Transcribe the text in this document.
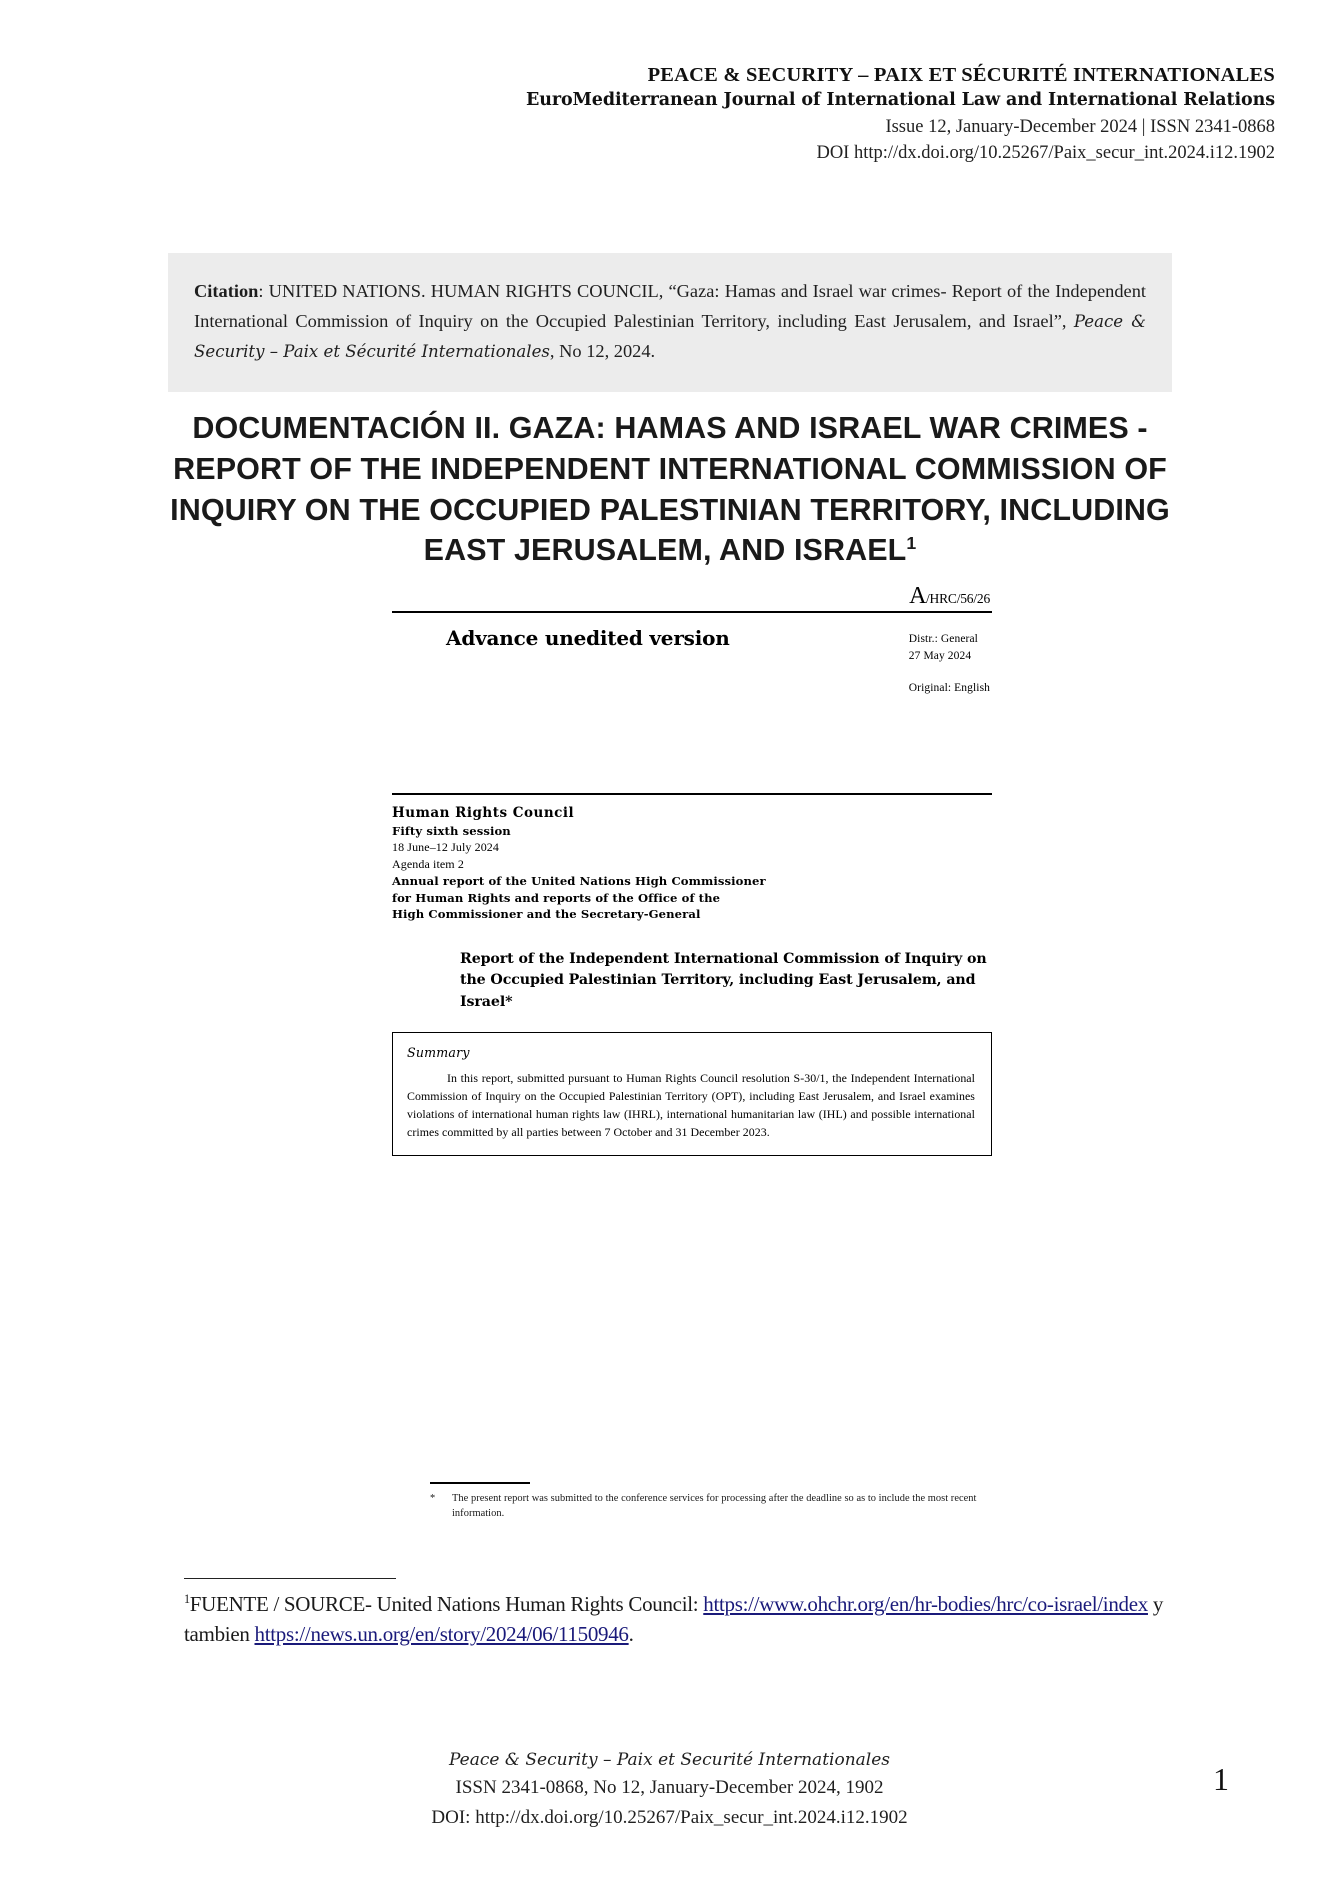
PEACE & SECURITY – PAIX ET SÉCURITÉ INTERNATIONALES
EuroMediterranean Journal of International Law and International Relations
Issue 12, January-December 2024 | ISSN 2341-0868
DOI http://dx.doi.org/10.25267/Paix_secur_int.2024.i12.1902

Citation: UNITED NATIONS. HUMAN RIGHTS COUNCIL, “Gaza: Hamas and Israel war crimes- Report of the Independent International Commission of Inquiry on the Occupied Palestinian Territory, including East Jerusalem, and Israel”, Peace & Security – Paix et Sécurité Internationales, No 12, 2024.

DOCUMENTACIÓN II. GAZA: HAMAS AND ISRAEL WAR CRIMES - REPORT OF THE INDEPENDENT INTERNATIONAL COMMISSION OF INQUIRY ON THE OCCUPIED PALESTINIAN TERRITORY, INCLUDING EAST JERUSALEM, AND ISRAEL$^1$
A/HRC/56/26
Advance unedited version	Distr.: General
27 May 2024
Original: English
Human Rights Council
Fifty sixth session
18 June–12 July 2024
Agenda item 2
Annual report of the United Nations High Commissioner
for Human Rights and reports of the Office of the
High Commissioner and the Secretary-General
Report of the Independent International Commission of Inquiry on the Occupied Palestinian Territory, including East Jerusalem, and Israel*
Summary
In this report, submitted pursuant to Human Rights Council resolution S-30/1, the Independent International Commission of Inquiry on the Occupied Palestinian Territory (OPT), including East Jerusalem, and Israel examines violations of international human rights law (IHRL), international humanitarian law (IHL) and possible international crimes committed by all parties between 7 October and 31 December 2023.
*	The present report was submitted to the conference services for processing after the deadline so as to include the most recent information.
$^1$FUENTE / SOURCE- United Nations Human Rights Council: https://www.ohchr.org/en/hr-bodies/hrc/co-israel/index y tambien https://news.un.org/en/story/2024/06/1150946.
Peace & Security – Paix et Securité Internationales
ISSN 2341-0868, No 12, January-December 2024, 1902
DOI: http://dx.doi.org/10.25267/Paix_secur_int.2024.i12.1902
1
